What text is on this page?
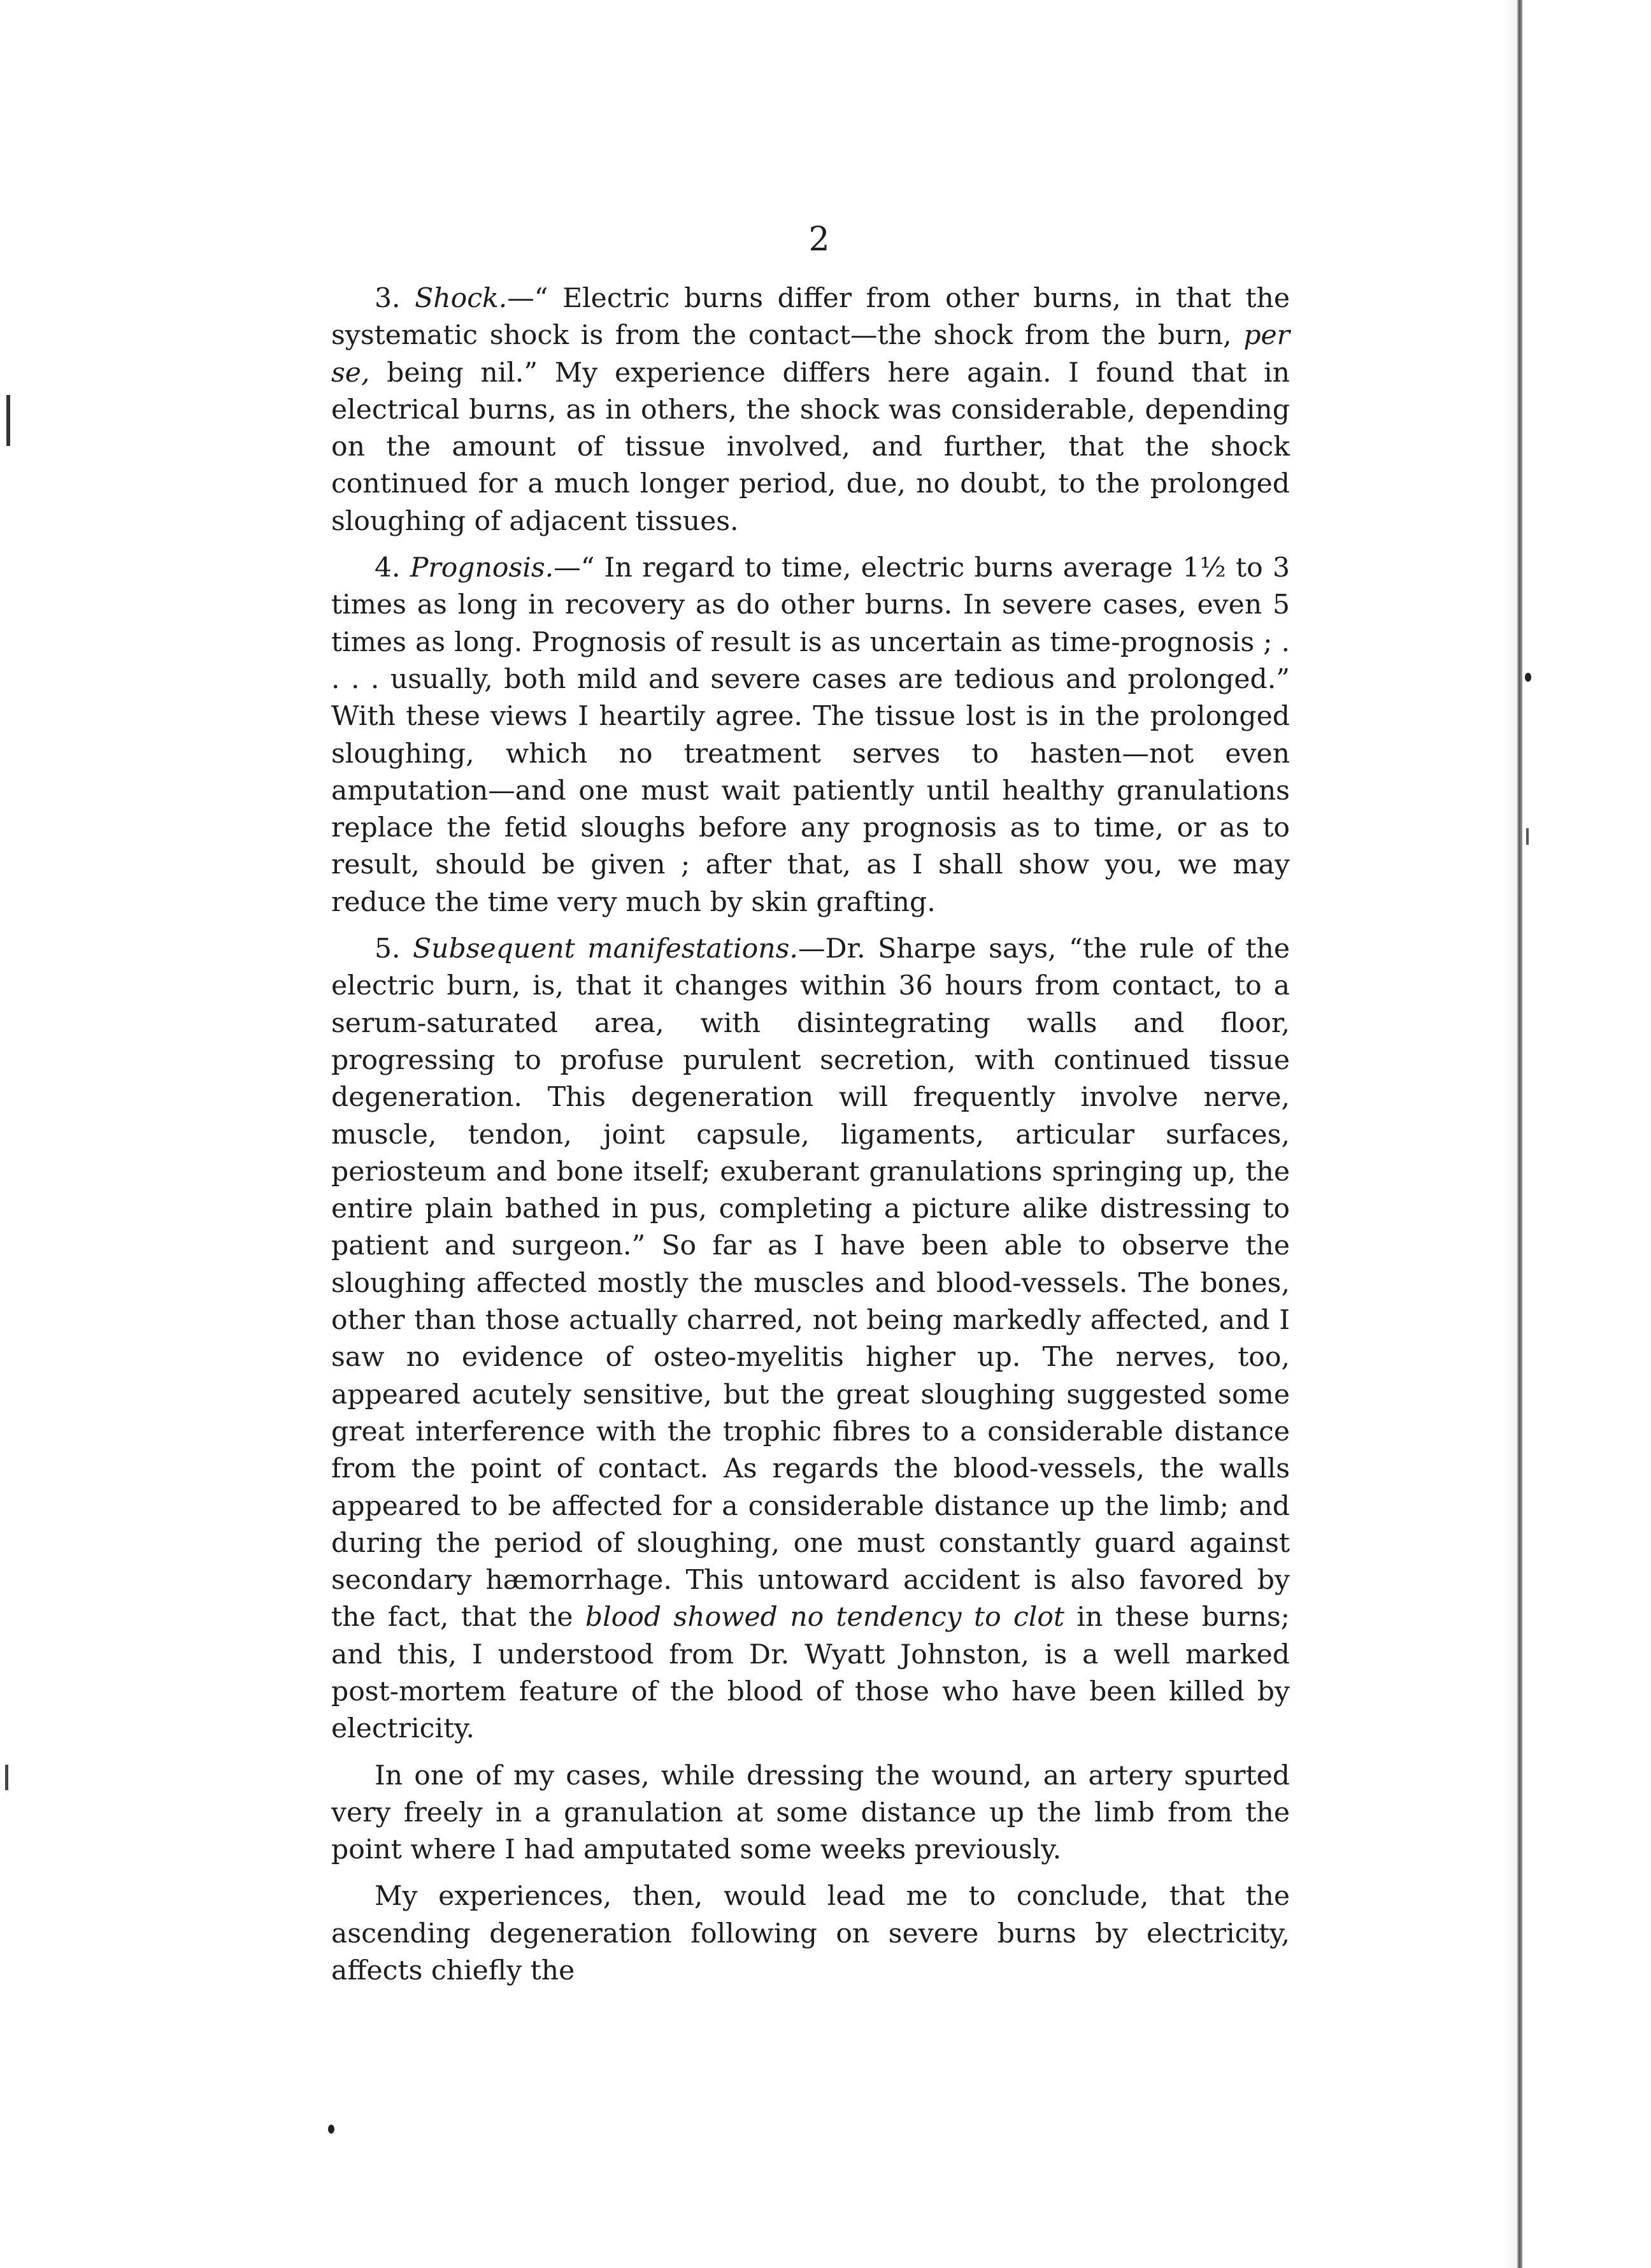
2

3. Shock.—“ Electric burns differ from other burns, in that the systematic shock is from the contact—the shock from the burn, per se, being nil.” My experience differs here again. I found that in electrical burns, as in others, the shock was considerable, depending on the amount of tissue involved, and further, that the shock continued for a much longer period, due, no doubt, to the prolonged sloughing of adjacent tissues.

4. Prognosis.—“ In regard to time, electric burns average 1½ to 3 times as long in recovery as do other burns. In severe cases, even 5 times as long. Prognosis of result is as uncertain as time-prognosis ; . . . . usually, both mild and severe cases are tedious and prolonged.” With these views I heartily agree. The tissue lost is in the prolonged sloughing, which no treatment serves to hasten—not even amputation—and one must wait patiently until healthy granulations replace the fetid sloughs before any prognosis as to time, or as to result, should be given ; after that, as I shall show you, we may reduce the time very much by skin grafting.

5. Subsequent manifestations.—Dr. Sharpe says, “the rule of the electric burn, is, that it changes within 36 hours from contact, to a serum-saturated area, with disintegrating walls and floor, progressing to profuse purulent secretion, with continued tissue degeneration. This degeneration will frequently involve nerve, muscle, tendon, joint capsule, ligaments, articular surfaces, periosteum and bone itself; exuberant granulations springing up, the entire plain bathed in pus, completing a picture alike distressing to patient and surgeon.” So far as I have been able to observe the sloughing affected mostly the muscles and blood-vessels. The bones, other than those actually charred, not being markedly affected, and I saw no evidence of osteo-myelitis higher up. The nerves, too, appeared acutely sensitive, but the great sloughing suggested some great interference with the trophic fibres to a considerable distance from the point of contact. As regards the blood-vessels, the walls appeared to be affected for a considerable distance up the limb; and during the period of sloughing, one must constantly guard against secondary hæmorrhage. This untoward accident is also favored by the fact, that the blood showed no tendency to clot in these burns; and this, I understood from Dr. Wyatt Johnston, is a well marked post-mortem feature of the blood of those who have been killed by electricity.

In one of my cases, while dressing the wound, an artery spurted very freely in a granulation at some distance up the limb from the point where I had amputated some weeks previously.

My experiences, then, would lead me to conclude, that the ascending degeneration following on severe burns by electricity, affects chiefly the
